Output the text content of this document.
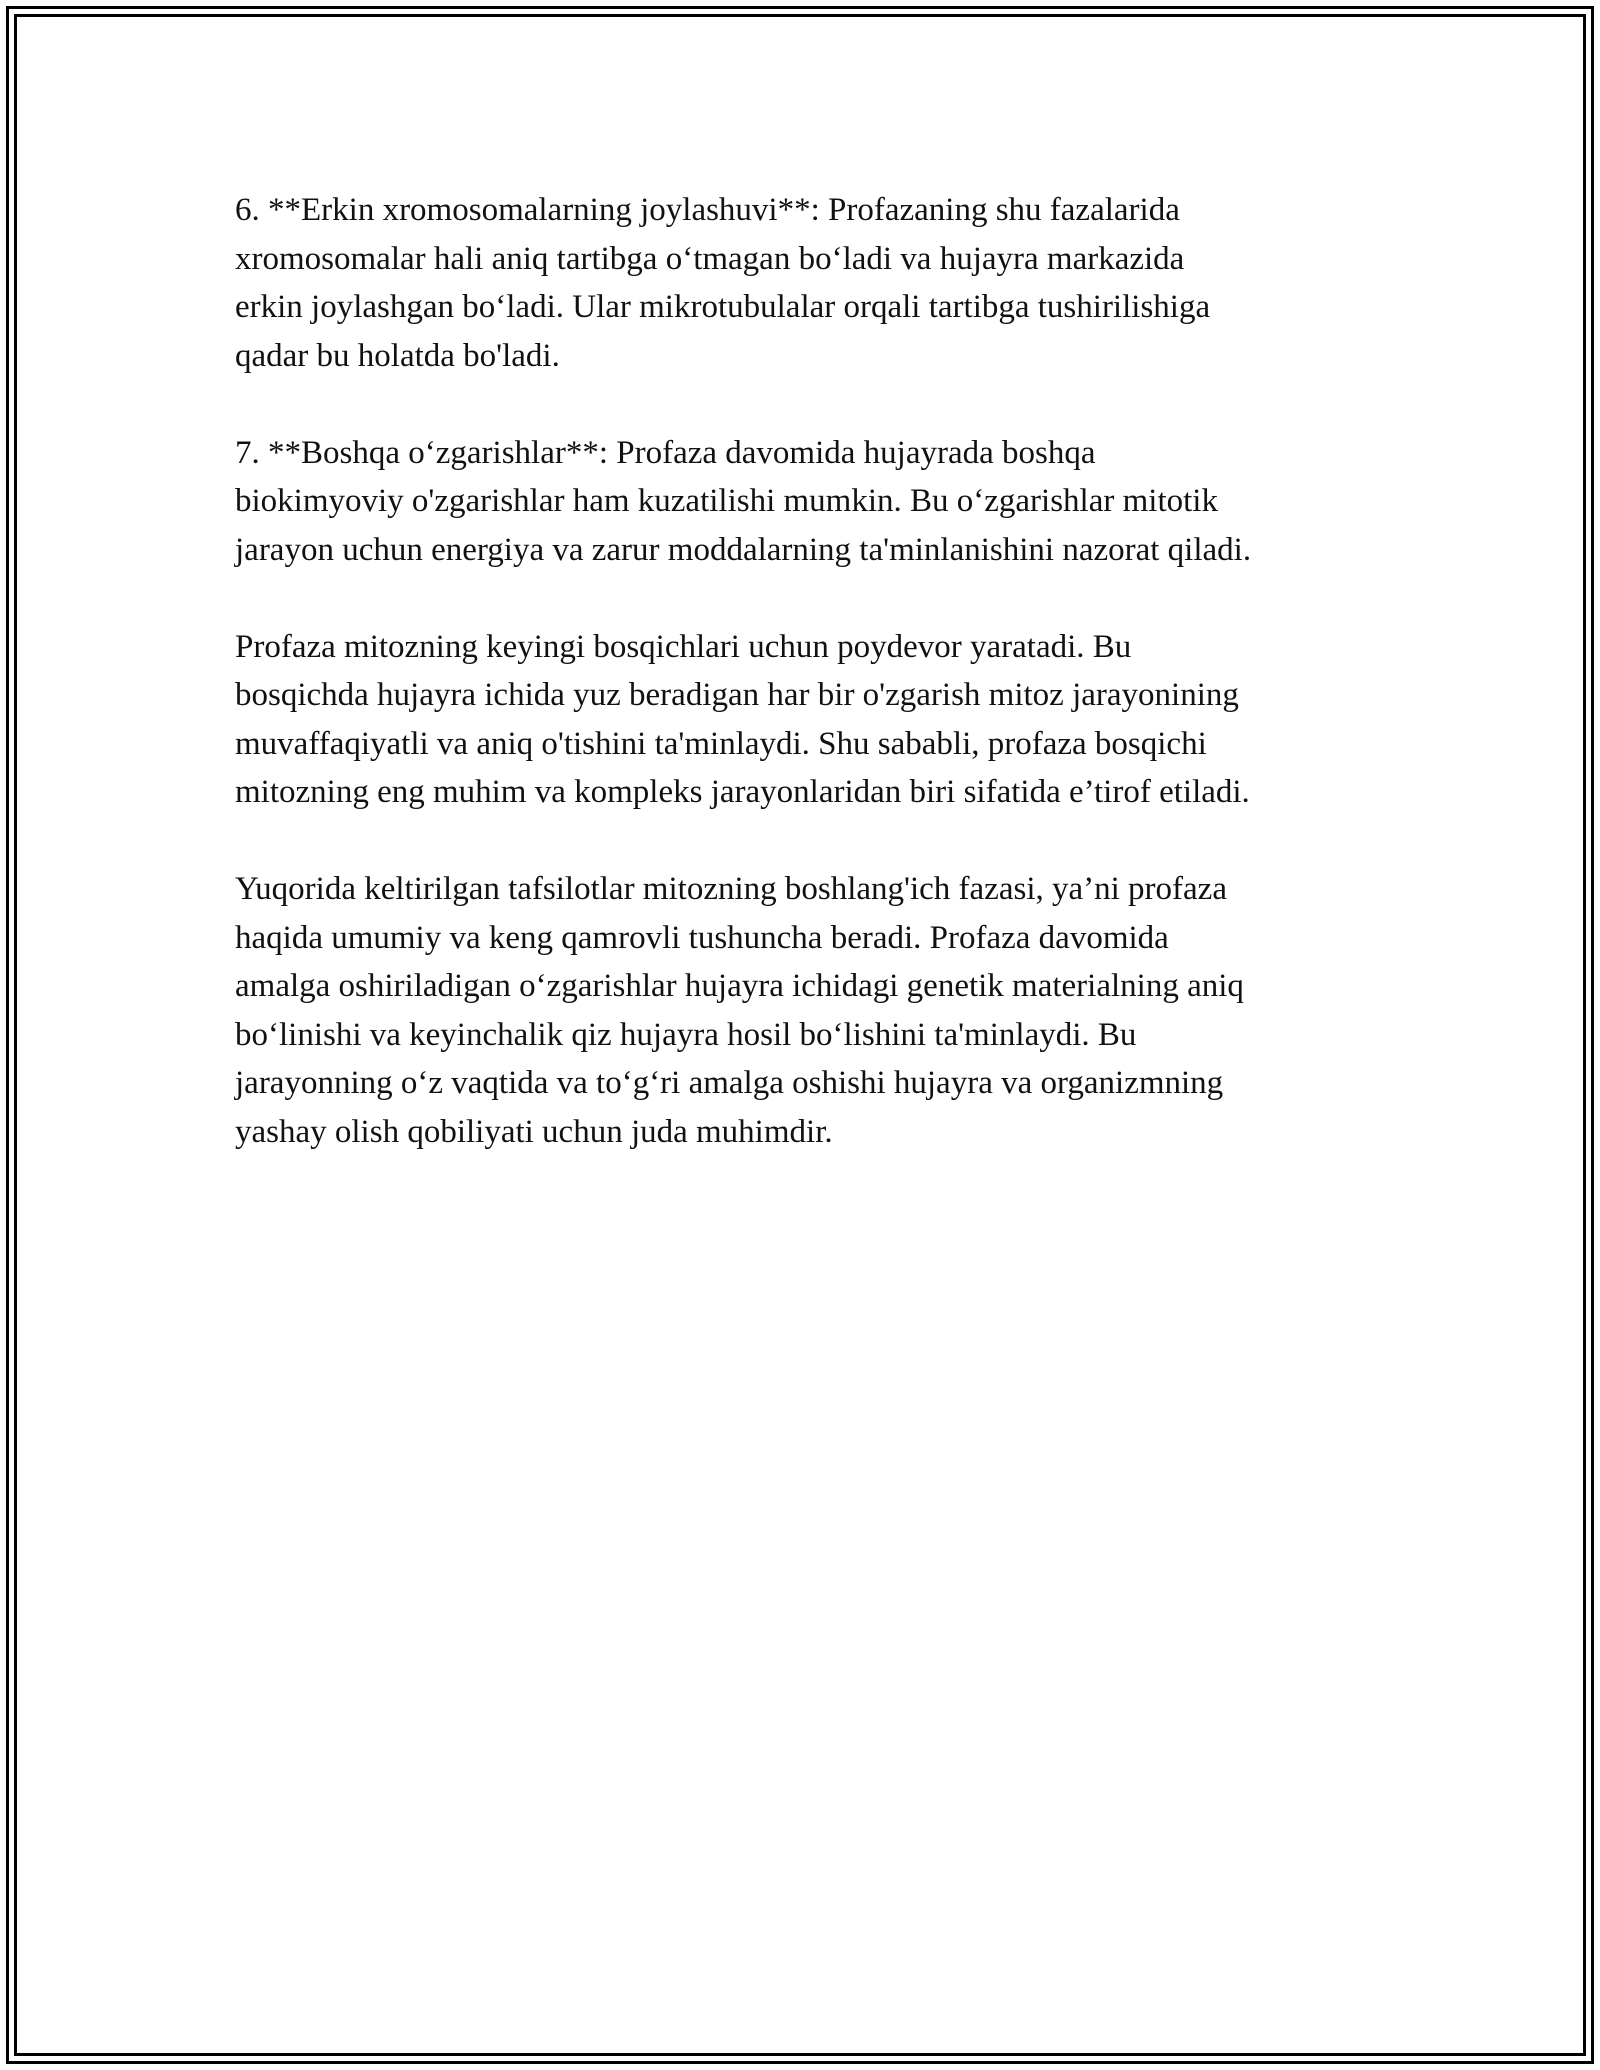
6. **Erkin xromosomalarning joylashuvi**: Profazaning shu fazalarida
xromosomalar hali aniq tartibga o‘tmagan bo‘ladi va hujayra markazida
erkin joylashgan bo‘ladi. Ular mikrotubulalar orqali tartibga tushirilishiga
qadar bu holatda bo'ladi.

7. **Boshqa o‘zgarishlar**: Profaza davomida hujayrada boshqa
biokimyoviy o'zgarishlar ham kuzatilishi mumkin. Bu o‘zgarishlar mitotik
jarayon uchun energiya va zarur moddalarning ta'minlanishini nazorat qiladi.

Profaza mitozning keyingi bosqichlari uchun poydevor yaratadi. Bu
bosqichda hujayra ichida yuz beradigan har bir o'zgarish mitoz jarayonining
muvaffaqiyatli va aniq o'tishini ta'minlaydi. Shu sababli, profaza bosqichi
mitozning eng muhim va kompleks jarayonlaridan biri sifatida e’tirof etiladi.

Yuqorida keltirilgan tafsilotlar mitozning boshlang'ich fazasi, ya’ni profaza
haqida umumiy va keng qamrovli tushuncha beradi. Profaza davomida
amalga oshiriladigan o‘zgarishlar hujayra ichidagi genetik materialning aniq
bo‘linishi va keyinchalik qiz hujayra hosil bo‘lishini ta'minlaydi. Bu
jarayonning o‘z vaqtida va to‘g‘ri amalga oshishi hujayra va organizmning
yashay olish qobiliyati uchun juda muhimdir.
